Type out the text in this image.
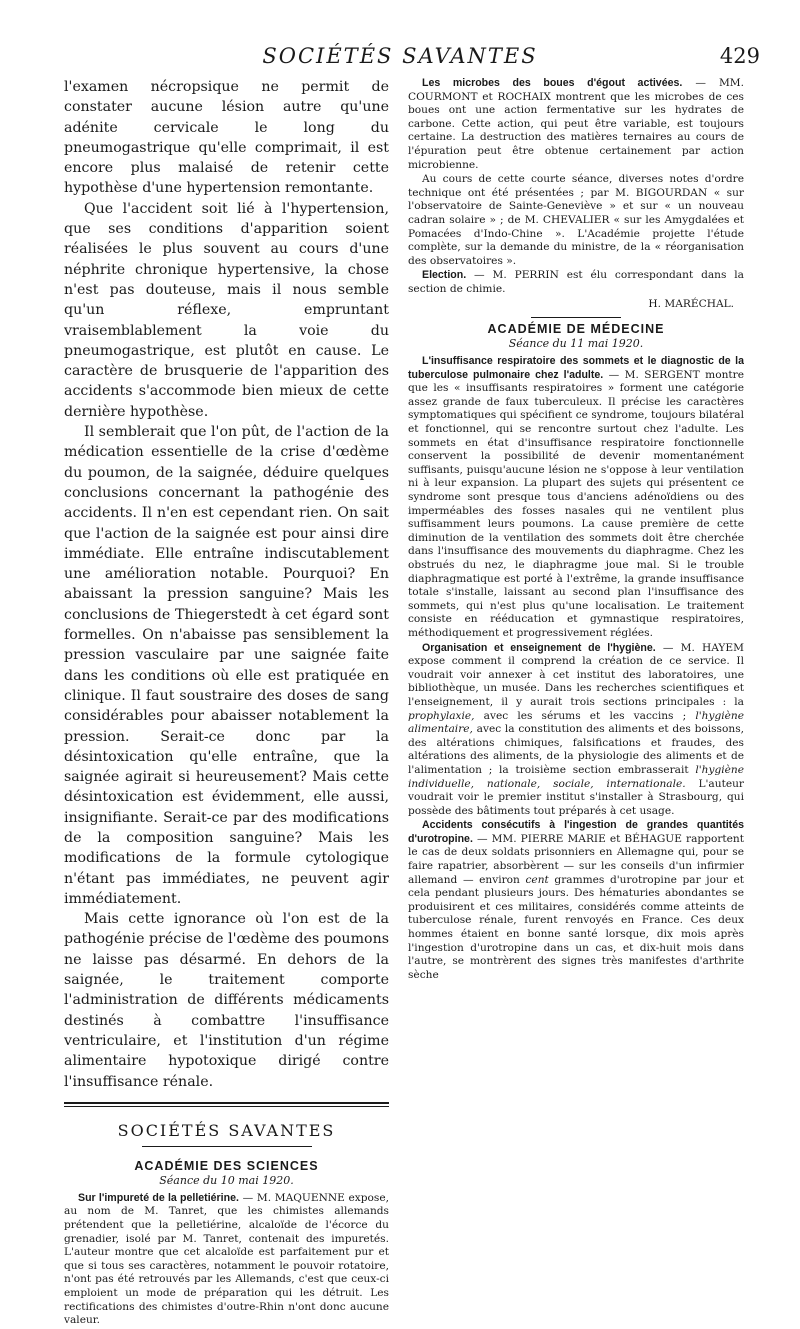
SOCIÉTÉS SAVANTES	429

l'examen nécropsique ne permit de constater aucune lésion autre qu'une adénite cervicale le long du pneumogastrique qu'elle comprimait, il est encore plus malaisé de retenir cette hypothèse d'une hypertension remontante.

Que l'accident soit lié à l'hypertension, que ses conditions d'apparition soient réalisées le plus souvent au cours d'une néphrite chronique hypertensive, la chose n'est pas douteuse, mais il nous semble qu'un réflexe, empruntant vraisemblablement la voie du pneumogastrique, est plutôt en cause. Le caractère de brusquerie de l'apparition des accidents s'accommode bien mieux de cette dernière hypothèse.

Il semblerait que l'on pût, de l'action de la médication essentielle de la crise d'œdème du poumon, de la saignée, déduire quelques conclusions concernant la pathogénie des accidents. Il n'en est cependant rien. On sait que l'action de la saignée est pour ainsi dire immédiate. Elle entraîne indiscutablement une amélioration notable. Pourquoi? En abaissant la pression sanguine? Mais les conclusions de Thiegerstedt à cet égard sont formelles. On n'abaisse pas sensiblement la pression vasculaire par une saignée faite dans les conditions où elle est pratiquée en clinique. Il faut soustraire des doses de sang considérables pour abaisser notablement la pression. Serait-ce donc par la désintoxication qu'elle entraîne, que la saignée agirait si heureusement? Mais cette désintoxication est évidemment, elle aussi, insignifiante. Serait-ce par des modifications de la composition sanguine? Mais les modifications de la formule cytologique n'étant pas immédiates, ne peuvent agir immédiatement.

Mais cette ignorance où l'on est de la pathogénie précise de l'œdème des poumons ne laisse pas désarmé. En dehors de la saignée, le traitement comporte l'administration de différents médicaments destinés à combattre l'insuffisance ventriculaire, et l'institution d'un régime alimentaire hypotoxique dirigé contre l'insuffisance rénale.

SOCIÉTÉS SAVANTES
ACADÉMIE DES SCIENCES
Séance du 10 mai 1920.

Sur l'impureté de la pelletiérine. — M. MAQUENNE expose, au nom de M. Tanret, que les chimistes allemands prétendent que la pelletiérine, alcaloïde de l'écorce du grenadier, isolé par M. Tanret, contenait des impuretés. L'auteur montre que cet alcaloïde est parfaitement pur et que si tous ses caractères, notamment le pouvoir rotatoire, n'ont pas été retrouvés par les Allemands, c'est que ceux-ci emploient un mode de préparation qui les détruit. Les rectifications des chimistes d'outre-Rhin n'ont donc aucune valeur.

Les microbes des boues d'égout activées. — MM. COURMONT et ROCHAIX montrent que les microbes de ces boues ont une action fermentative sur les hydrates de carbone. Cette action, qui peut être variable, est toujours certaine. La destruction des matières ternaires au cours de l'épuration peut être obtenue certainement par action microbienne.

Au cours de cette courte séance, diverses notes d'ordre technique ont été présentées ; par M. BIGOURDAN « sur l'observatoire de Sainte-Geneviève » et sur « un nouveau cadran solaire » ; de M. CHEVALIER « sur les Amygdalées et Pomacées d'Indo-Chine ». L'Académie projette l'étude complète, sur la demande du ministre, de la « réorganisation des observatoires ».

Election. — M. PERRIN est élu correspondant dans la section de chimie.

H. MARÉCHAL.
ACADÉMIE DE MÉDECINE
Séance du 11 mai 1920.

L'insuffisance respiratoire des sommets et le diagnostic de la tuberculose pulmonaire chez l'adulte. — M. SERGENT montre que les « insuffisants respiratoires » forment une catégorie assez grande de faux tuberculeux. Il précise les caractères symptomatiques qui spécifient ce syndrome, toujours bilatéral et fonctionnel, qui se rencontre surtout chez l'adulte. Les sommets en état d'insuffisance respiratoire fonctionnelle conservent la possibilité de devenir momentanément suffisants, puisqu'aucune lésion ne s'oppose à leur ventilation ni à leur expansion. La plupart des sujets qui présentent ce syndrome sont presque tous d'anciens adénoïdiens ou des imperméables des fosses nasales qui ne ventilent plus suffisamment leurs poumons. La cause première de cette diminution de la ventilation des sommets doit être cherchée dans l'insuffisance des mouvements du diaphragme. Chez les obstrués du nez, le diaphragme joue mal. Si le trouble diaphragmatique est porté à l'extrême, la grande insuffisance totale s'installe, laissant au second plan l'insuffisance des sommets, qui n'est plus qu'une localisation. Le traitement consiste en rééducation et gymnastique respiratoires, méthodiquement et progressivement réglées.

Organisation et enseignement de l'hygiène. — M. HAYEM expose comment il comprend la création de ce service. Il voudrait voir annexer à cet institut des laboratoires, une bibliothèque, un musée. Dans les recherches scientifiques et l'enseignement, il y aurait trois sections principales : la prophylaxie, avec les sérums et les vaccins ; l'hygiène alimentaire, avec la constitution des aliments et des boissons, des altérations chimiques, falsifications et fraudes, des altérations des aliments, de la physiologie des aliments et de l'alimentation ; la troisième section embrasserait l'hygiène individuelle, nationale, sociale, internationale. L'auteur voudrait voir le premier institut s'installer à Strasbourg, qui possède des bâtiments tout préparés à cet usage.

Accidents consécutifs à l'ingestion de grandes quantités d'urotropine. — MM. PIERRE MARIE et BÉHAGUE rapportent le cas de deux soldats prisonniers en Allemagne qui, pour se faire rapatrier, absorbèrent — sur les conseils d'un infirmier allemand — environ cent grammes d'urotropine par jour et cela pendant plusieurs jours. Des hématuries abondantes se produisirent et ces militaires, considérés comme atteints de tuberculose rénale, furent renvoyés en France. Ces deux hommes étaient en bonne santé lorsque, dix mois après l'ingestion d'urotropine dans un cas, et dix-huit mois dans l'autre, se montrèrent des signes très manifestes d'arthrite sèche
